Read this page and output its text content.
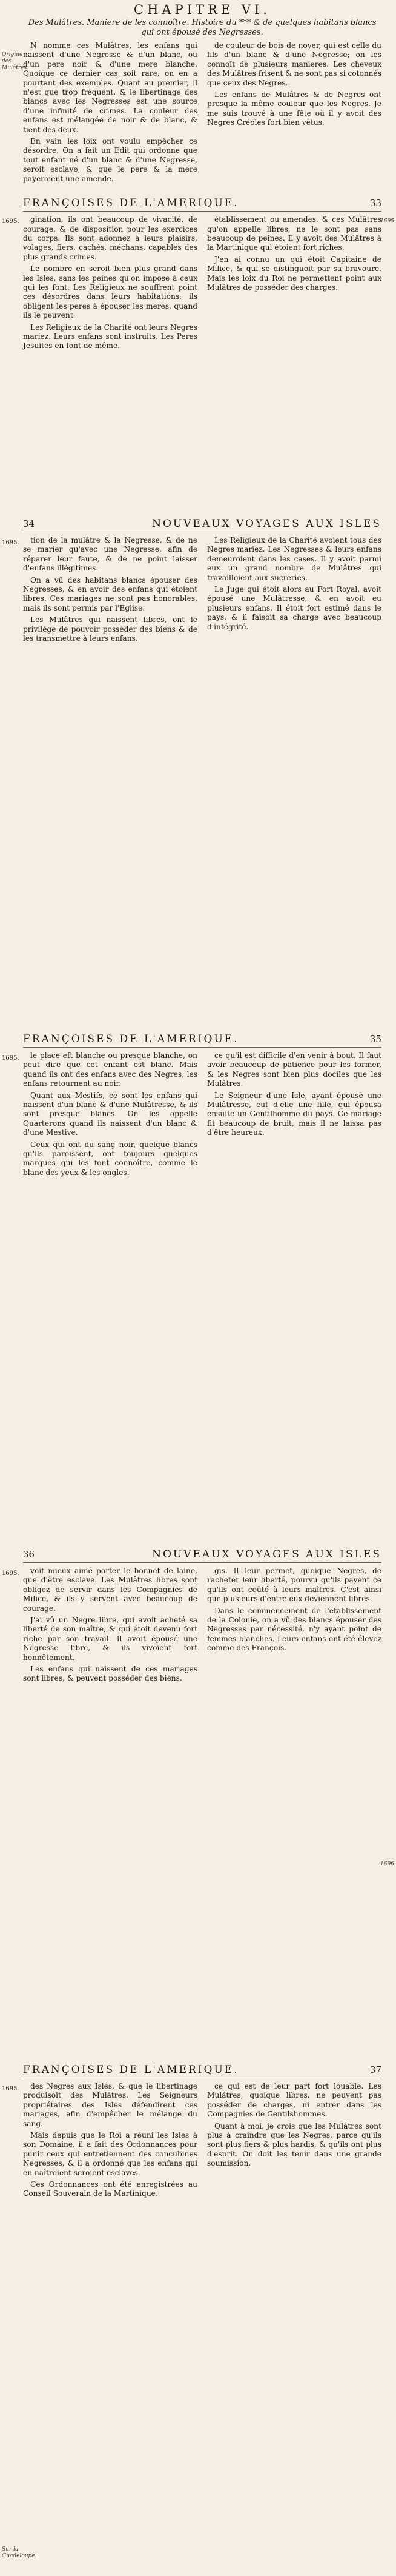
CHAPITRE VI.
Des Mulâtres. Maniere de les connoître. Histoire du *** & de quelques habitans blancs qui ont épousé des Negresses.
Origine des Mulâtres.

N nomme ces Mulâtres, les enfans qui naissent d'une Negresse & d'un blanc, ou d'un pere noir & d'une mere blanche. Quoique ce dernier cas soit rare, on en a pourtant des exemples. Quant au premier, il n'est que trop fréquent, & le libertinage des blancs avec les Negresses est une source d'une infinité de crimes. La couleur des enfans est mélangée de noir & de blanc, & tient des deux.

En vain les loix ont voulu empêcher ce désordre. On a fait un Edit qui ordonne que tout enfant né d'un blanc & d'une Negresse, seroit esclave, & que le pere & la mere payeroient une amende.

de couleur de bois de noyer, qui est celle du fils d'un blanc & d'une Negresse; on les connoît de plusieurs manieres. Les cheveux des Mulâtres frisent & ne sont pas si cotonnés que ceux des Negres.

Les enfans de Mulâtres & de Negres ont presque la même couleur que les Negres. Je me suis trouvé à une fête où il y avoit des Negres Créoles fort bien vêtus.

FRANÇOISES DE L'AMERIQUE.	33
1695.	1695.

gination, ils ont beaucoup de vivacité, de courage, & de disposition pour les exercices du corps. Ils sont adonnez à leurs plaisirs, volages, fiers, cachés, méchans, capables des plus grands crimes.

Le nombre en seroit bien plus grand dans les Isles, sans les peines qu'on impose à ceux qui les font. Les Religieux ne souffrent point ces désordres dans leurs habitations; ils obligent les peres à épouser les meres, quand ils le peuvent.

Les Religieux de la Charité ont leurs Negres mariez. Leurs enfans sont instruits. Les Peres Jesuites en font de même.

établissement ou amendes, & ces Mulâtres qu'on appelle libres, ne le sont pas sans beaucoup de peines. Il y avoit des Mulâtres à la Martinique qui étoient fort riches.

J'en ai connu un qui étoit Capitaine de Milice, & qui se distinguoit par sa bravoure. Mais les loix du Roi ne permettent point aux Mulâtres de posséder des charges.

34	NOUVEAUX VOYAGES AUX ISLES
1695.	tion de la mulâtre & la Negresse, & de ne se marier qu'avec une Negresse, afin de réparer leur faute, & de ne point laisser d'enfans illégitimes.

On a vû des habitans blancs épouser des Negresses, & en avoir des enfans qui étoient libres. Ces mariages ne sont pas honorables, mais ils sont permis par l'Eglise.

Les Mulâtres qui naissent libres, ont le privilége de pouvoir posséder des biens & de les transmettre à leurs enfans.

Les Religieux de la Charité avoient tous des Negres mariez. Les Negresses & leurs enfans demeuroient dans les cases. Il y avoit parmi eux un grand nombre de Mulâtres qui travailloient aux sucreries.

Le Juge qui étoit alors au Fort Royal, avoit épousé une Mulâtresse, & en avoit eu plusieurs enfans. Il étoit fort estimé dans le pays, & il faisoit sa charge avec beaucoup d'intégrité.

FRANÇOISES DE L'AMERIQUE.	35
1695.	le place eft blanche ou presque blanche, on peut dire que cet enfant est blanc. Mais quand ils ont des enfans avec des Negres, les enfans retournent au noir.

Quant aux Mestifs, ce sont les enfans qui naissent d'un blanc & d'une Mulâtresse, & ils sont presque blancs. On les appelle Quarterons quand ils naissent d'un blanc & d'une Mestive.

Ceux qui ont du sang noir, quelque blancs qu'ils paroissent, ont toujours quelques marques qui les font connoître, comme le blanc des yeux & les ongles.

ce qu'il est difficile d'en venir à bout. Il faut avoir beaucoup de patience pour les former, & les Negres sont bien plus dociles que les Mulâtres.

Le Seigneur d'une Isle, ayant épousé une Mulâtresse, eut d'elle une fille, qui épousa ensuite un Gentilhomme du pays. Ce mariage fit beaucoup de bruit, mais il ne laissa pas d'être heureux.

36	NOUVEAUX VOYAGES AUX ISLES
1695.
1696.

voit mieux aimé porter le bonnet de laine, que d'être esclave. Les Mulâtres libres sont obligez de servir dans les Compagnies de Milice, & ils y servent avec beaucoup de courage.

J'ai vû un Negre libre, qui avoit acheté sa liberté de son maître, & qui étoit devenu fort riche par son travail. Il avoit épousé une Negresse libre, & ils vivoient fort honnêtement.

Les enfans qui naissent de ces mariages sont libres, & peuvent posséder des biens.

gis. Il leur permet, quoique Negres, de racheter leur liberté, pourvu qu'ils payent ce qu'ils ont coûté à leurs maîtres. C'est ainsi que plusieurs d'entre eux deviennent libres.

Dans le commencement de l'établissement de la Colonie, on a vû des blancs épouser des Negresses par nécessité, n'y ayant point de femmes blanches. Leurs enfans ont été élevez comme des François.

FRANÇOISES DE L'AMERIQUE.	37
1695.
Sur la Guadeloupe.

des Negres aux Isles, & que le libertinage produisoit des Mulâtres. Les Seigneurs propriétaires des Isles défendirent ces mariages, afin d'empêcher le mélange du sang.

Mais depuis que le Roi a réuni les Isles à son Domaine, il a fait des Ordonnances pour punir ceux qui entretiennent des concubines Negresses, & il a ordonné que les enfans qui en naîtroient seroient esclaves.

Ces Ordonnances ont été enregistrées au Conseil Souverain de la Martinique.

ce qui est de leur part fort louable. Les Mulâtres, quoique libres, ne peuvent pas posséder de charges, ni entrer dans les Compagnies de Gentilshommes.

Quant à moi, je crois que les Mulâtres sont plus à craindre que les Negres, parce qu'ils sont plus fiers & plus hardis, & qu'ils ont plus d'esprit. On doit les tenir dans une grande soumission.
